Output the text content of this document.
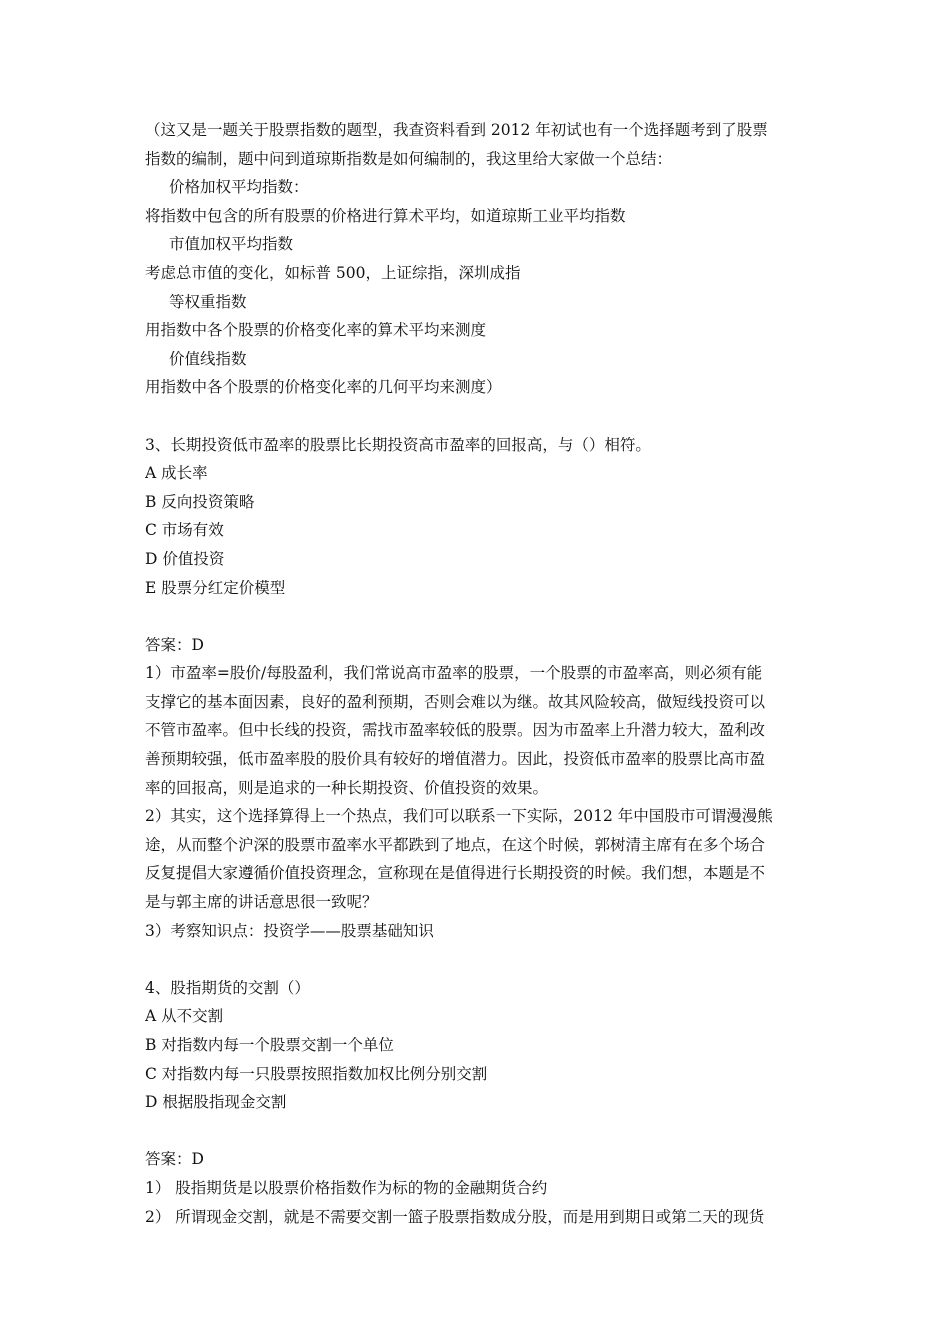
（这又是一题关于股票指数的题型，我查资料看到 2012 年初试也有一个选择题考到了股票
指数的编制，题中问到道琼斯指数是如何编制的，我这里给大家做一个总结：
价格加权平均指数：
将指数中包含的所有股票的价格进行算术平均，如道琼斯工业平均指数
市值加权平均指数
考虑总市值的变化，如标普 500，上证综指，深圳成指
等权重指数
用指数中各个股票的价格变化率的算术平均来测度
价值线指数
用指数中各个股票的价格变化率的几何平均来测度）
3、长期投资低市盈率的股票比长期投资高市盈率的回报高，与（）相符。
A 成长率
B 反向投资策略
C 市场有效
D 价值投资
E 股票分红定价模型
答案：D
1）市盈率=股价/每股盈利，我们常说高市盈率的股票，一个股票的市盈率高，则必须有能
支撑它的基本面因素，良好的盈利预期，否则会难以为继。故其风险较高，做短线投资可以
不管市盈率。但中长线的投资，需找市盈率较低的股票。因为市盈率上升潜力较大，盈利改
善预期较强，低市盈率股的股价具有较好的增值潜力。因此，投资低市盈率的股票比高市盈
率的回报高，则是追求的一种长期投资、价值投资的效果。
2）其实，这个选择算得上一个热点，我们可以联系一下实际，2012 年中国股市可谓漫漫熊
途，从而整个沪深的股票市盈率水平都跌到了地点，在这个时候，郭树清主席有在多个场合
反复提倡大家遵循价值投资理念，宣称现在是值得进行长期投资的时候。我们想，本题是不
是与郭主席的讲话意思很一致呢？
3）考察知识点：投资学——股票基础知识
4、股指期货的交割（）
A 从不交割
B 对指数内每一个股票交割一个单位
C 对指数内每一只股票按照指数加权比例分别交割
D 根据股指现金交割
答案：D
1） 股指期货是以股票价格指数作为标的物的金融期货合约
2） 所谓现金交割，就是不需要交割一篮子股票指数成分股，而是用到期日或第二天的现货
